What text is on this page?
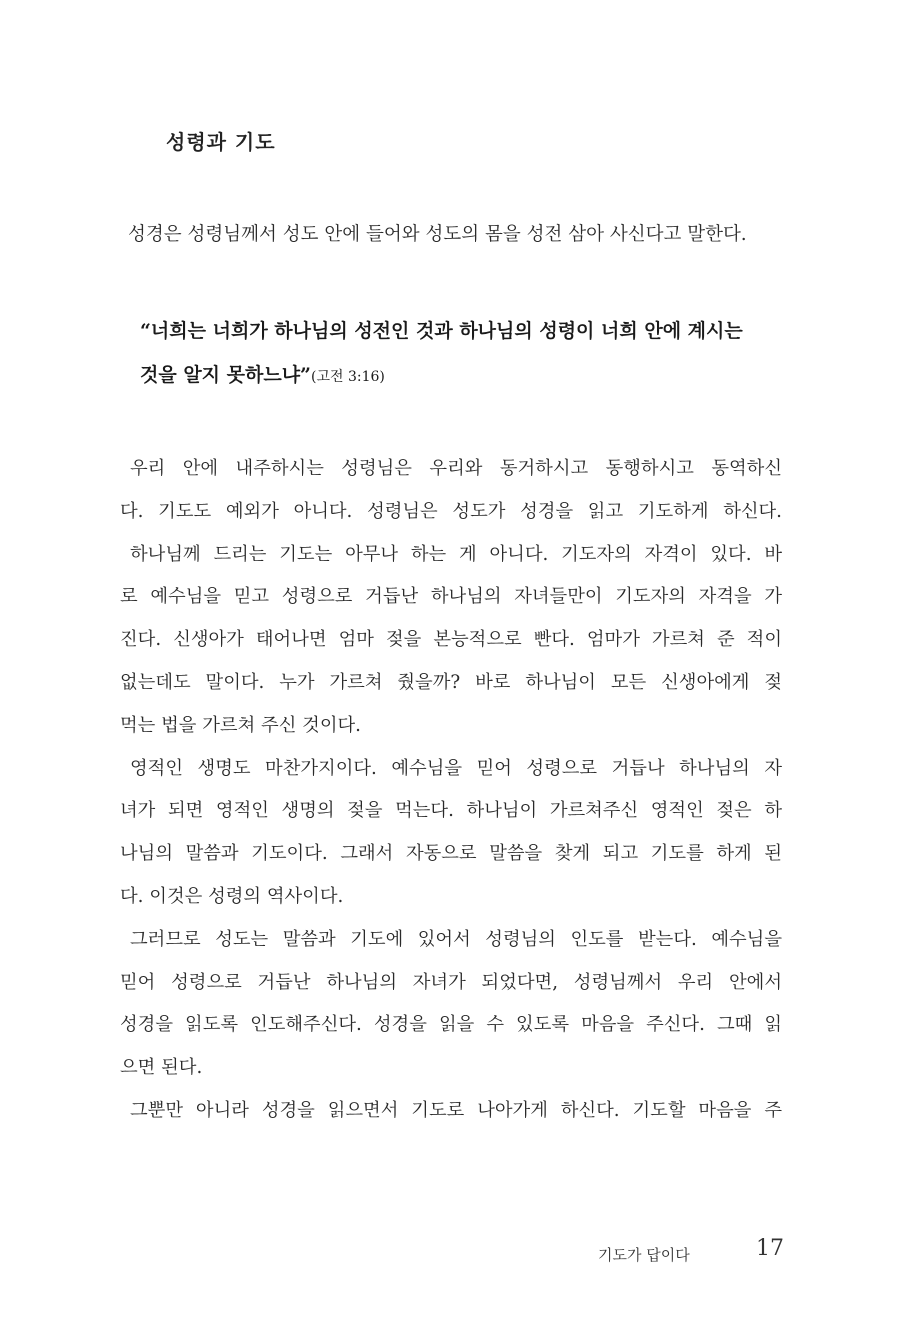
성령과 기도
성경은 성령님께서 성도 안에 들어와 성도의 몸을 성전 삼아 사신다고 말한다.
“너희는 너희가 하나님의 성전인 것과 하나님의 성령이 너희 안에 계시는
것을 알지 못하느냐”(고전 3:16)
우리 안에 내주하시는 성령님은 우리와 동거하시고 동행하시고 동역하신
다. 기도도 예외가 아니다. 성령님은 성도가 성경을 읽고 기도하게 하신다.
하나님께 드리는 기도는 아무나 하는 게 아니다. 기도자의 자격이 있다. 바
로 예수님을 믿고 성령으로 거듭난 하나님의 자녀들만이 기도자의 자격을 가
진다. 신생아가 태어나면 엄마 젖을 본능적으로 빤다. 엄마가 가르쳐 준 적이
없는데도 말이다. 누가 가르쳐 줬을까? 바로 하나님이 모든 신생아에게 젖
먹는 법을 가르쳐 주신 것이다.
영적인 생명도 마찬가지이다. 예수님을 믿어 성령으로 거듭나 하나님의 자
녀가 되면 영적인 생명의 젖을 먹는다. 하나님이 가르쳐주신 영적인 젖은 하
나님의 말씀과 기도이다. 그래서 자동으로 말씀을 찾게 되고 기도를 하게 된
다. 이것은 성령의 역사이다.
그러므로 성도는 말씀과 기도에 있어서 성령님의 인도를 받는다. 예수님을
믿어 성령으로 거듭난 하나님의 자녀가 되었다면, 성령님께서 우리 안에서
성경을 읽도록 인도해주신다. 성경을 읽을 수 있도록 마음을 주신다. 그때 읽
으면 된다.
그뿐만 아니라 성경을 읽으면서 기도로 나아가게 하신다. 기도할 마음을 주
기도가 답이다	17
